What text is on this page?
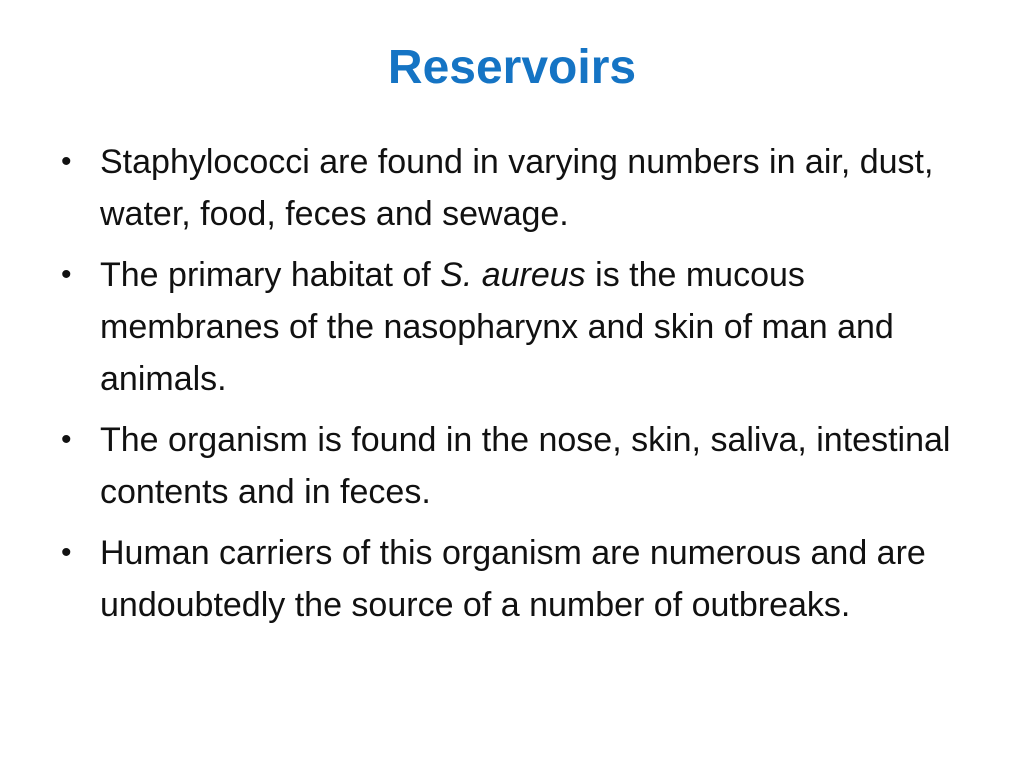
Reservoirs
• Staphylococci are found in varying numbers in air, dust, water, food, feces and sewage.
• The primary habitat of S. aureus is the mucous membranes of the nasopharynx and skin of man and animals.
• The organism is found in the nose, skin, saliva, intestinal contents and in feces.
• Human carriers of this organism are numerous and are undoubtedly the source of a number of outbreaks.
